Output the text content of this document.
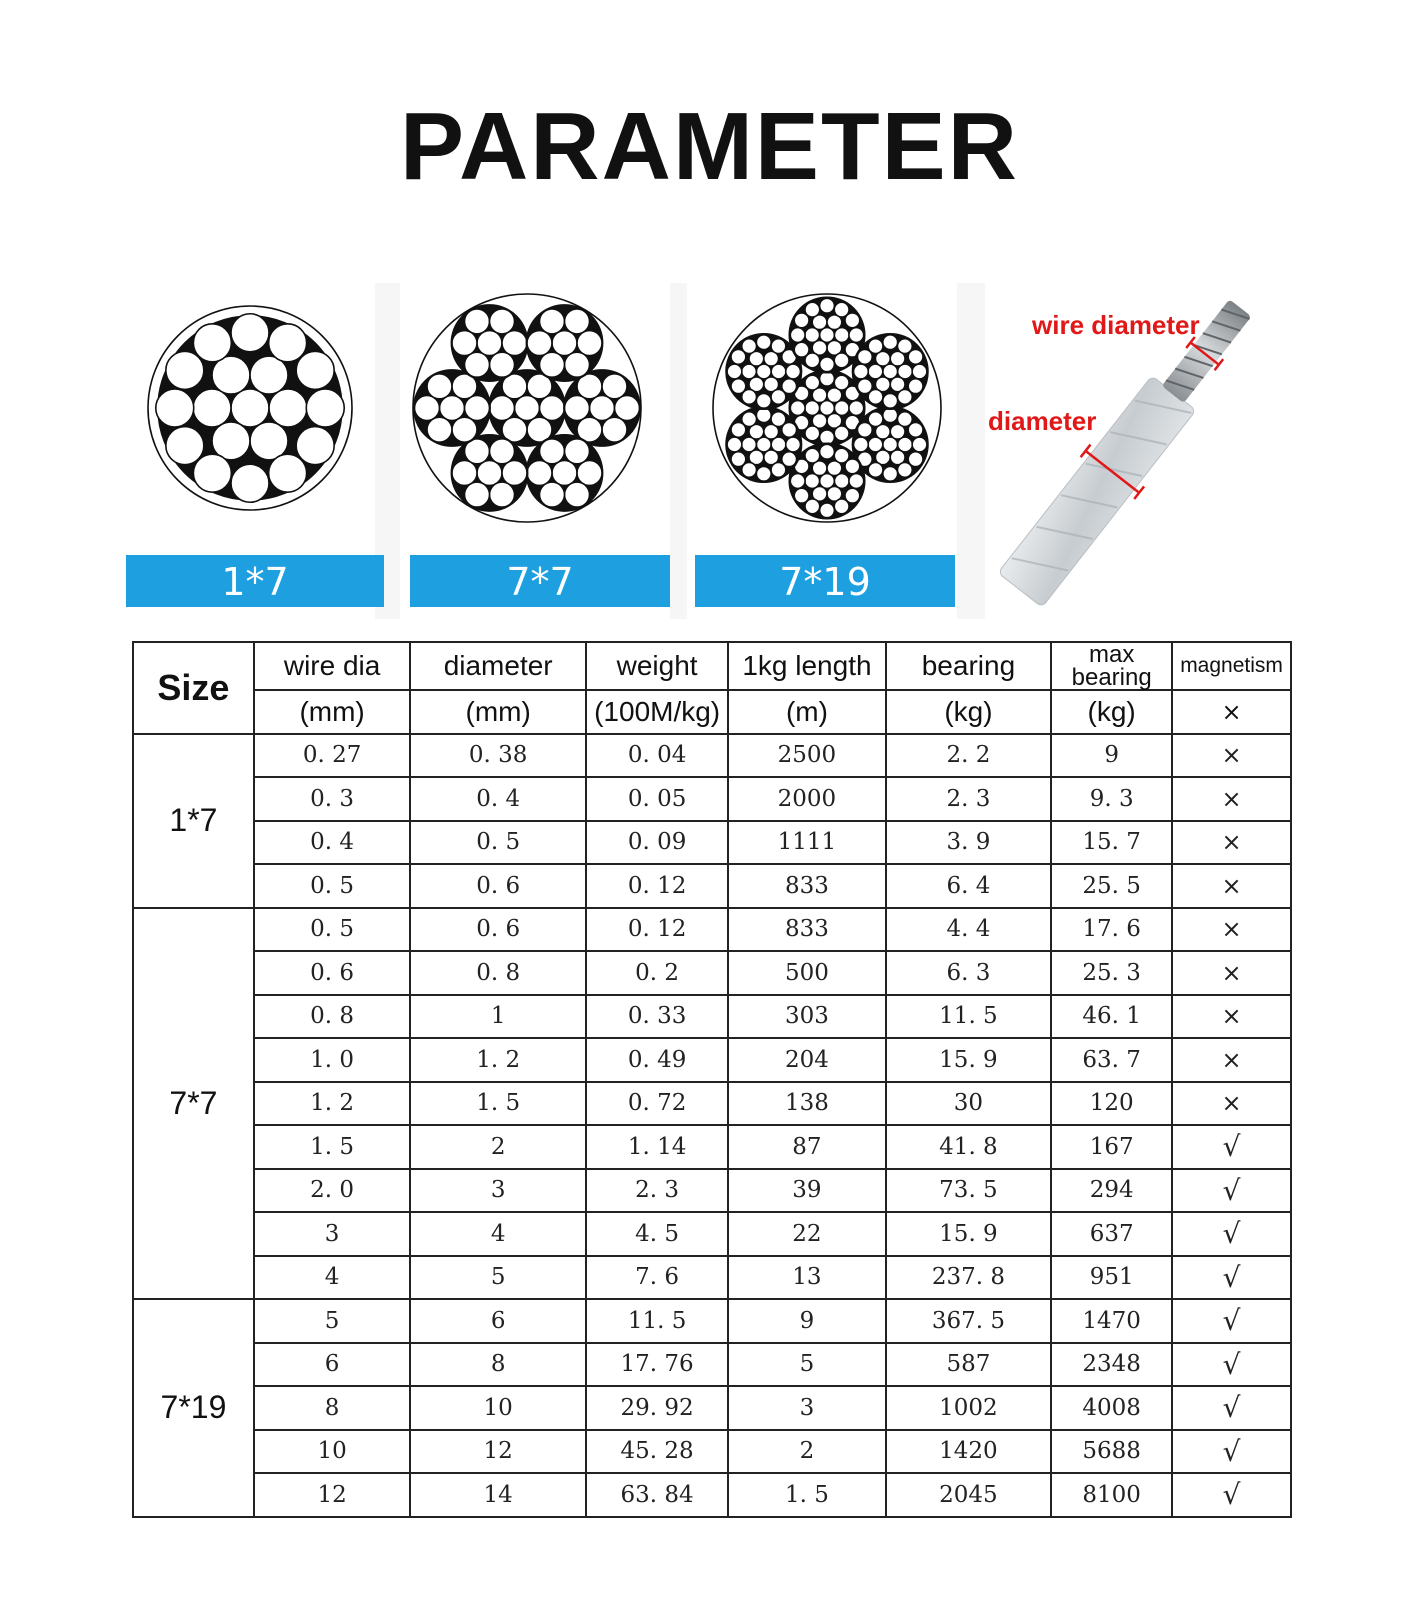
PARAMETER
1*7	7*7	7*19
wire diameter
diameter
Size	wire dia	diameter	weight	1kg length	bearing	max bearing	magnetism
	(mm)	(mm)	(100M/kg)	(m)	(kg)	(kg)	×
1*7	0. 27	0. 38	0. 04	2500	2. 2	9	×
	0. 3	0. 4	0. 05	2000	2. 3	9. 3	×
	0. 4	0. 5	0. 09	1111	3. 9	15. 7	×
	0. 5	0. 6	0. 12	833	6. 4	25. 5	×
7*7	0. 5	0. 6	0. 12	833	4. 4	17. 6	×
	0. 6	0. 8	0. 2	500	6. 3	25. 3	×
	0. 8	1	0. 33	303	11. 5	46. 1	×
	1. 0	1. 2	0. 49	204	15. 9	63. 7	×
	1. 2	1. 5	0. 72	138	30	120	×
	1. 5	2	1. 14	87	41. 8	167	√
	2. 0	3	2. 3	39	73. 5	294	√
	3	4	4. 5	22	15. 9	637	√
	4	5	7. 6	13	237. 8	951	√
7*19	5	6	11. 5	9	367. 5	1470	√
	6	8	17. 76	5	587	2348	√
	8	10	29. 92	3	1002	4008	√
	10	12	45. 28	2	1420	5688	√
	12	14	63. 84	1. 5	2045	8100	√
